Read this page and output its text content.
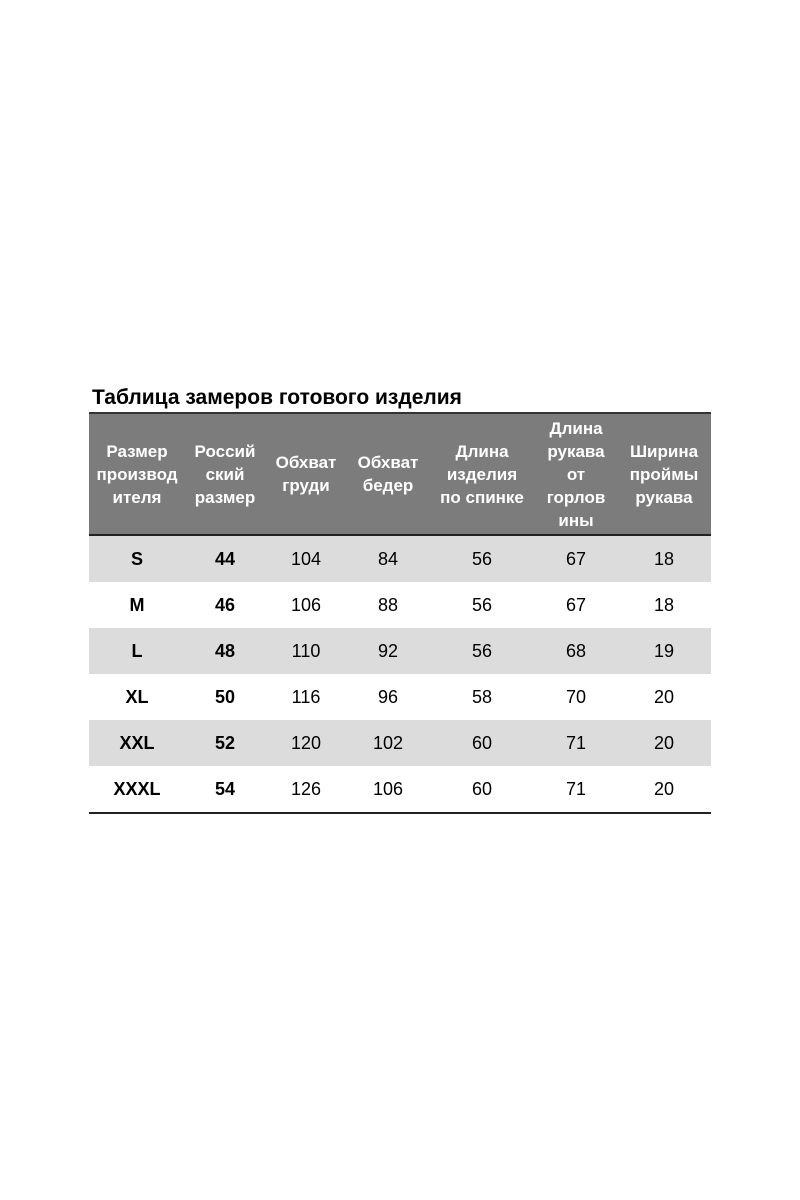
Таблица замеров готового изделия
Размер
производ
ителя	Россий
ский
размер	Обхват
груди	Обхват
бедер	Длина
изделия
по спинке	Длина
рукава
от
горлов
ины	Ширина
проймы
рукава
S	44	104	84	56	67	18
M	46	106	88	56	67	18
L	48	110	92	56	68	19
XL	50	116	96	58	70	20
XXL	52	120	102	60	71	20
XXXL	54	126	106	60	71	20
